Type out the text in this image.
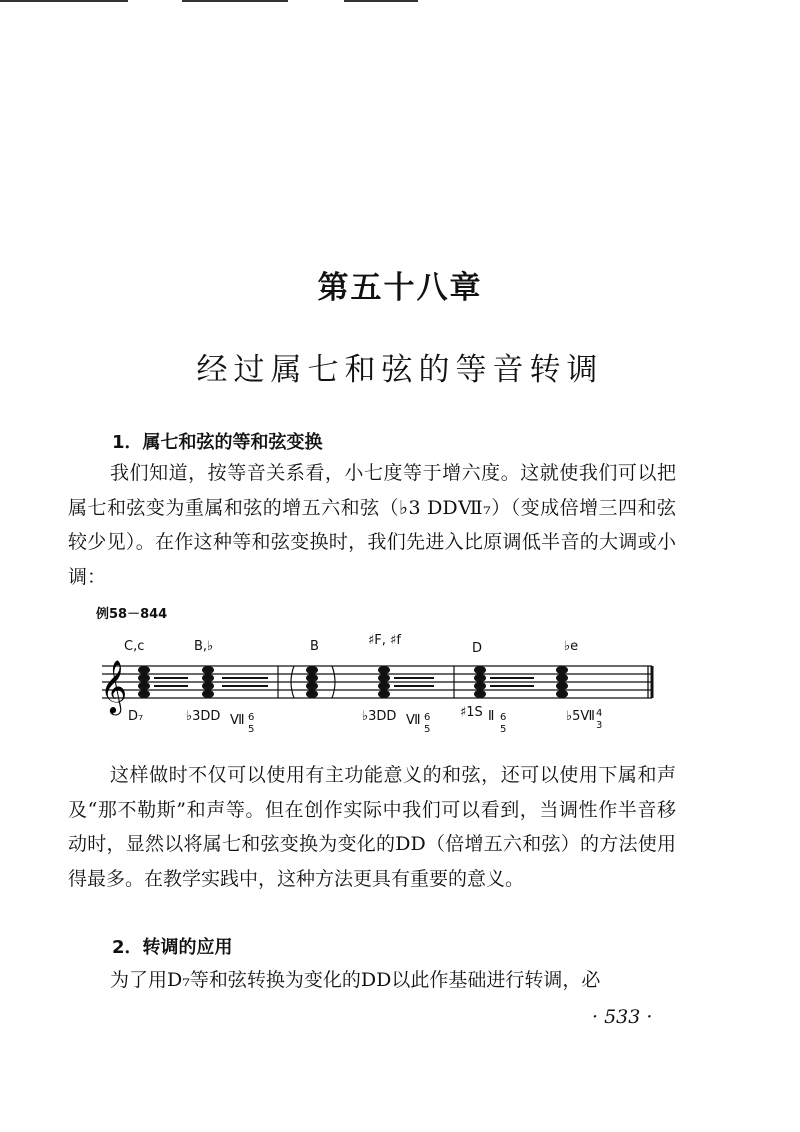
第五十八章
经过属七和弦的等音转调
1．属七和弦的等和弦变换
我们知道，按等音关系看，小七度等于增六度。这就使我们可以把属七和弦变为重属和弦的增五六和弦（♭3 DDⅦ₇）（变成倍增三四和弦较少见）。在作这种等和弦变换时，我们先进入比原调低半音的大调或小调：
例58－844
C,c	B,♭	B	♯F, ♯f
D	♭e
𝄞
D₇	♭3DD Ⅶ 6
5
♭3DD Ⅶ 6
5
♯1S Ⅱ 6
5
♭5Ⅶ 4
3
这样做时不仅可以使用有主功能意义的和弦，还可以使用下属和声及“那不勒斯”和声等。但在创作实际中我们可以看到，当调性作半音移动时，显然以将属七和弦变换为变化的DD（倍增五六和弦）的方法使用得最多。在教学实践中，这种方法更具有重要的意义。
2．转调的应用
为了用D₇等和弦转换为变化的DD以此作基础进行转调，必
· 533 ·
